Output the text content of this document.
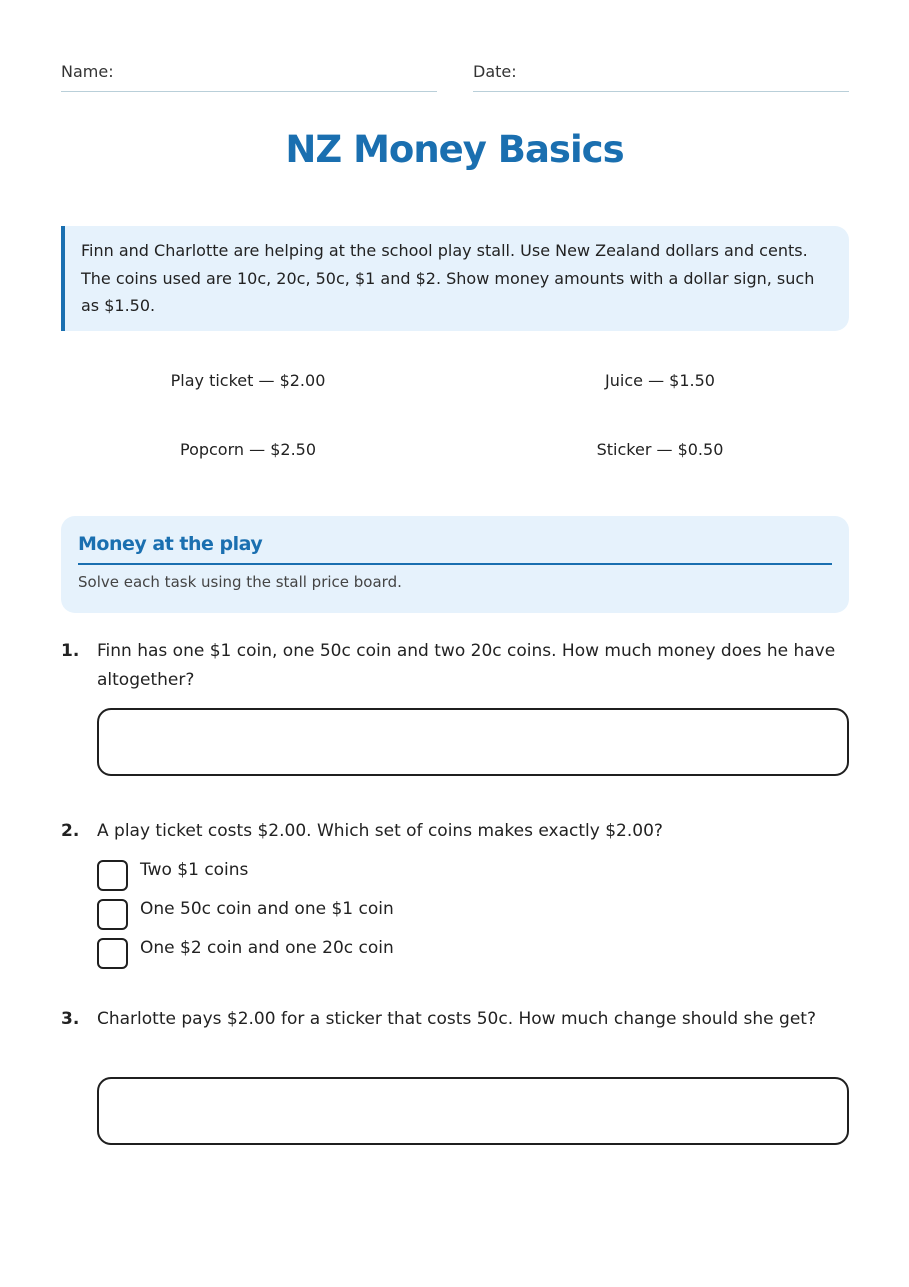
Name:	Date:
NZ Money Basics
Finn and Charlotte are helping at the school play stall. Use New Zealand dollars and cents. The coins used are 10c, 20c, 50c, $1 and $2. Show money amounts with a dollar sign, such as $1.50.
Play ticket — $2.00	Juice — $1.50
Popcorn — $2.50	Sticker — $0.50
Money at the play
Solve each task using the stall price board.
1. Finn has one $1 coin, one 50c coin and two 20c coins. How much money does he have altogether?
2. A play ticket costs $2.00. Which set of coins makes exactly $2.00?
Two $1 coins
One 50c coin and one $1 coin
One $2 coin and one 20c coin
3. Charlotte pays $2.00 for a sticker that costs 50c. How much change should she get?
